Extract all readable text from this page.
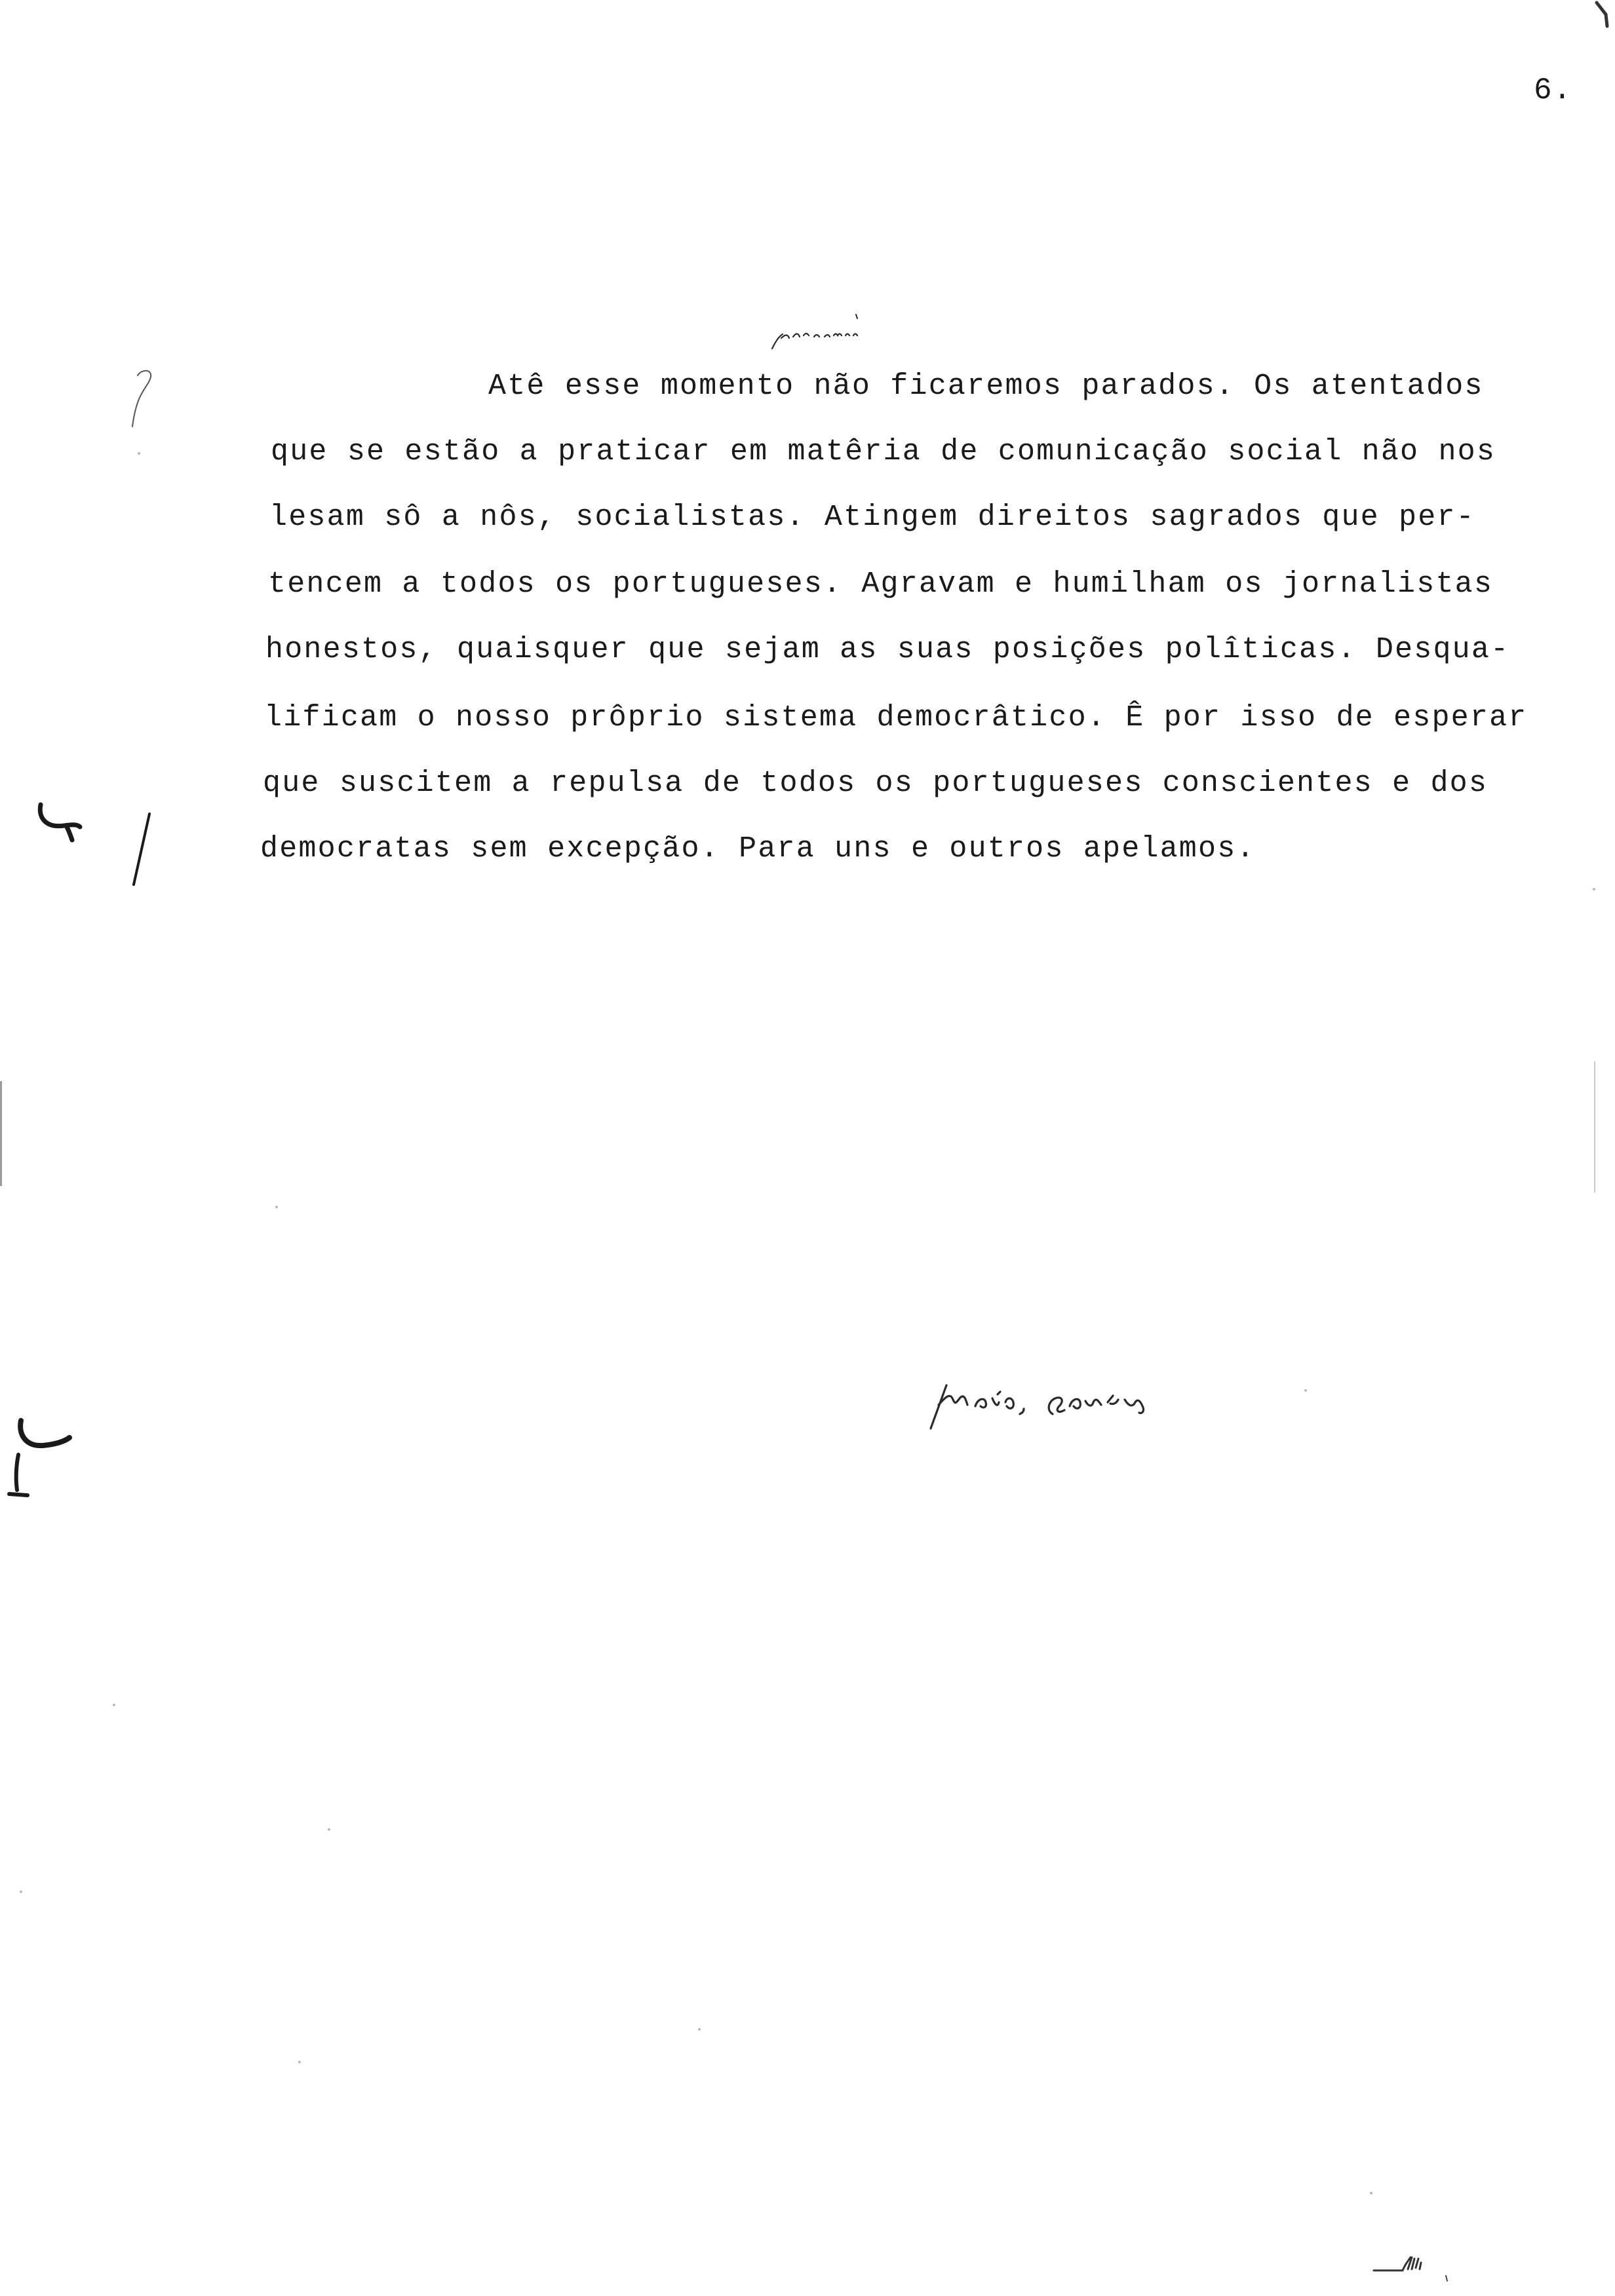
6.
Atê esse momento não ficaremos parados. Os atentados
que se estão a praticar em matêria de comunicação social não nos
lesam sô a nôs, socialistas. Atingem direitos sagrados que per-
tencem a todos os portugueses. Agravam e humilham os jornalistas
honestos, quaisquer que sejam as suas posições polîticas. Desqua-
lificam o nosso prôprio sistema democrâtico. Ê por isso de esperar
que suscitem a repulsa de todos os portugueses conscientes e dos
democratas sem excepção. Para uns e outros apelamos.
